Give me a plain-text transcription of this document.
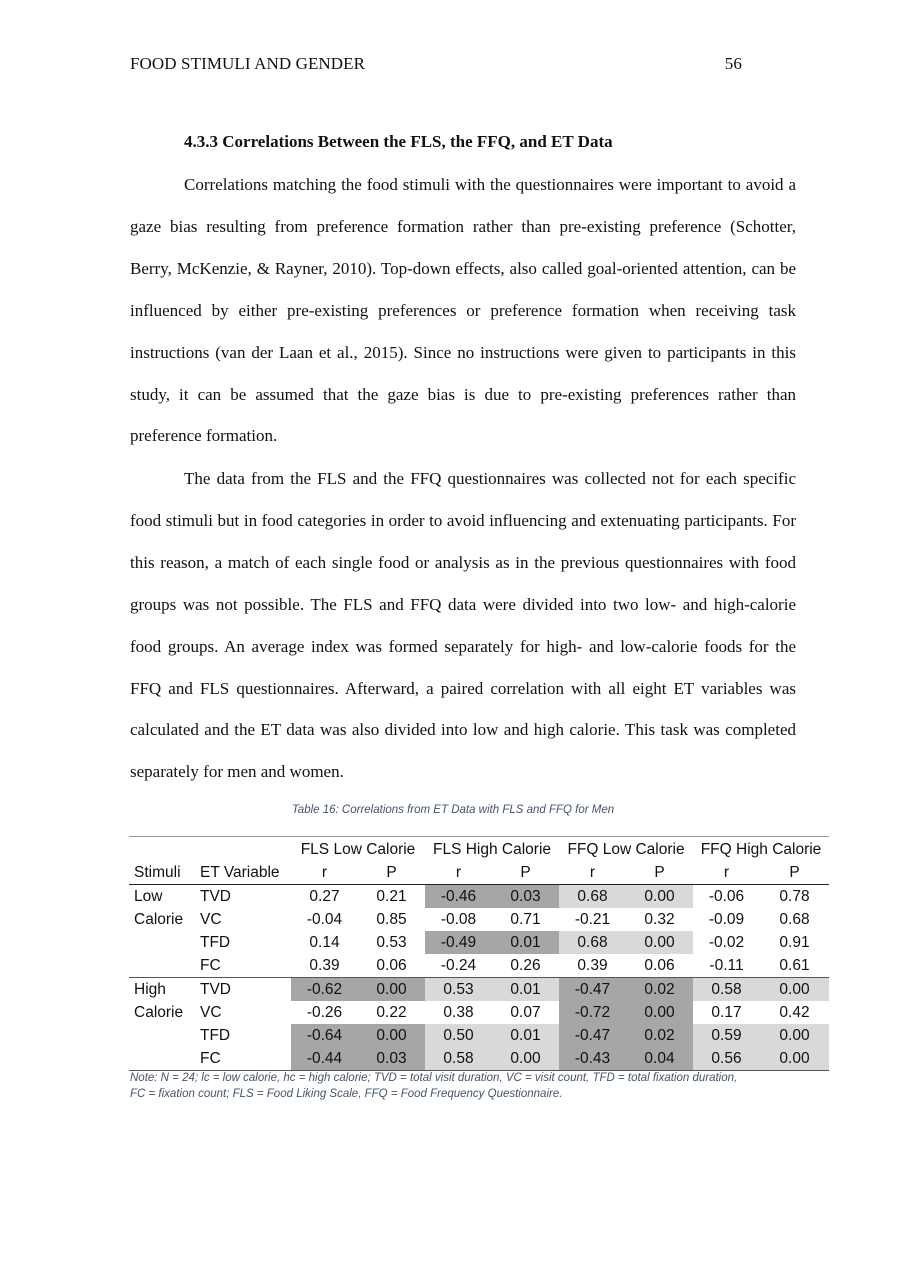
FOOD STIMULI AND GENDER	56
4.3.3 Correlations Between the FLS, the FFQ, and ET Data

Correlations matching the food stimuli with the questionnaires were important to avoid a gaze bias resulting from preference formation rather than pre-existing preference (Schotter, Berry, McKenzie, & Rayner, 2010). Top-down effects, also called goal-oriented attention, can be influenced by either pre-existing preferences or preference formation when receiving task instructions (van der Laan et al., 2015). Since no instructions were given to participants in this study, it can be assumed that the gaze bias is due to pre-existing preferences rather than preference formation.

The data from the FLS and the FFQ questionnaires was collected not for each specific food stimuli but in food categories in order to avoid influencing and extenuating participants. For this reason, a match of each single food or analysis as in the previous questionnaires with food groups was not possible. The FLS and FFQ data were divided into two low- and high-calorie food groups. An average index was formed separately for high- and low-calorie foods for the FFQ and FLS questionnaires. Afterward, a paired correlation with all eight ET variables was calculated and the ET data was also divided into low and high calorie. This task was completed separately for men and women.

Table 16: Correlations from ET Data with FLS and FFQ for Men
		FLS Low Calorie		FLS High Calorie		FFQ Low Calorie		FFQ High Calorie	
Stimuli	ET Variable	r	P	r	P	r	P	r	P
Low	TVD	0.27	0.21	-0.46	0.03	0.68	0.00	-0.06	0.78
Calorie	VC	-0.04	0.85	-0.08	0.71	-0.21	0.32	-0.09	0.68
	TFD	0.14	0.53	-0.49	0.01	0.68	0.00	-0.02	0.91
	FC	0.39	0.06	-0.24	0.26	0.39	0.06	-0.11	0.61
High	TVD	-0.62	0.00	0.53	0.01	-0.47	0.02	0.58	0.00
Calorie	VC	-0.26	0.22	0.38	0.07	-0.72	0.00	0.17	0.42
	TFD	-0.64	0.00	0.50	0.01	-0.47	0.02	0.59	0.00
	FC	-0.44	0.03	0.58	0.00	-0.43	0.04	0.56	0.00
Note: N = 24; lc = low calorie, hc = high calorie; TVD = total visit duration, VC = visit count, TFD = total fixation duration,
FC = fixation count; FLS = Food Liking Scale, FFQ = Food Frequency Questionnaire.
